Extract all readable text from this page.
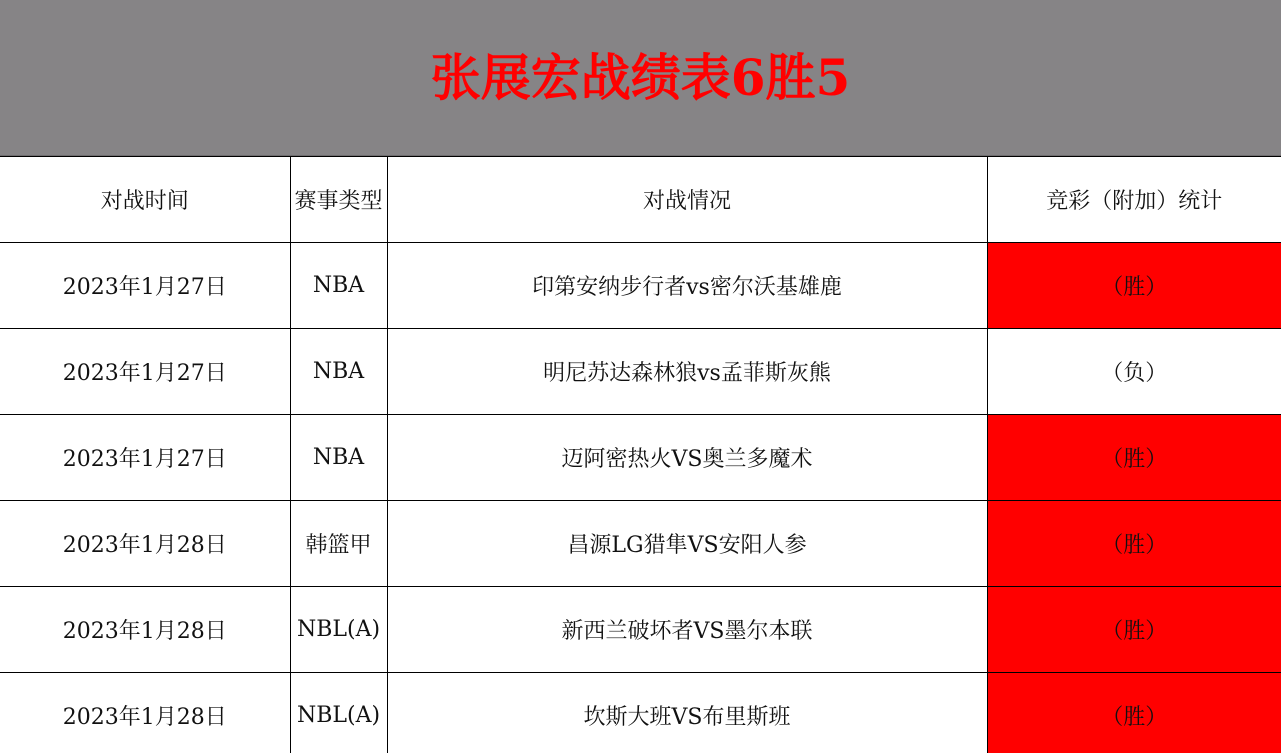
张展宏战绩表6胜5
对战时间	赛事类型	对战情况	竞彩（附加）统计
2023年1月27日	NBA	印第安纳步行者vs密尔沃基雄鹿	（胜）
2023年1月27日	NBA	明尼苏达森林狼vs孟菲斯灰熊	（负）
2023年1月27日	NBA	迈阿密热火VS奥兰多魔术	（胜）
2023年1月28日	韩篮甲	昌源LG猎隼VS安阳人参	（胜）
2023年1月28日	NBL(A)	新西兰破坏者VS墨尔本联	（胜）
2023年1月28日	NBL(A)	坎斯大班VS布里斯班	（胜）
